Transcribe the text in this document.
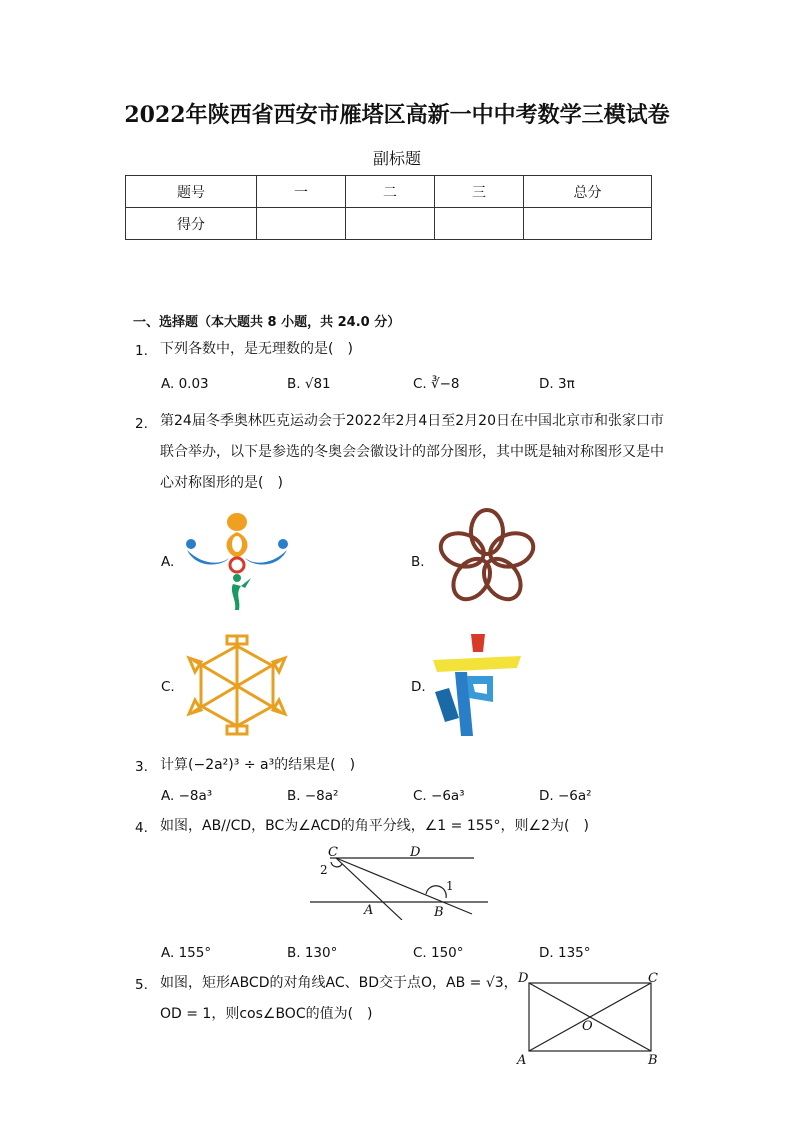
2022年陕西省西安市雁塔区高新一中中考数学三模试卷
副标题
题号	一	二	三	总分
得分				
一、选择题（本大题共 8 小题，共 24.0 分）
1. 下列各数中，是无理数的是(　)
A. 0.03	B. √81	C. ∛−8	D. 3π
2. 第24届冬季奥林匹克运动会于2022年2月4日至2月20日在中国北京市和张家口市
联合举办，以下是参选的冬奥会会徽设计的部分图形，其中既是轴对称图形又是中
心对称图形的是(　)
A.	B.
C.	D.
3. 计算(−2a²)³ ÷ a³的结果是(　)
A. −8a³	B. −8a²	C. −6a³	D. −6a²
4. 如图，AB//CD，BC为∠ACD的角平分线，∠1 = 155°，则∠2为(　)
C	D
A	B
2
1
A. 155°	B. 130°	C. 150°	D. 135°
5. 如图，矩形ABCD的对角线AC、BD交于点O，AB = √3，
OD = 1，则cos∠BOC的值为(　)
D	C
A	B
O
